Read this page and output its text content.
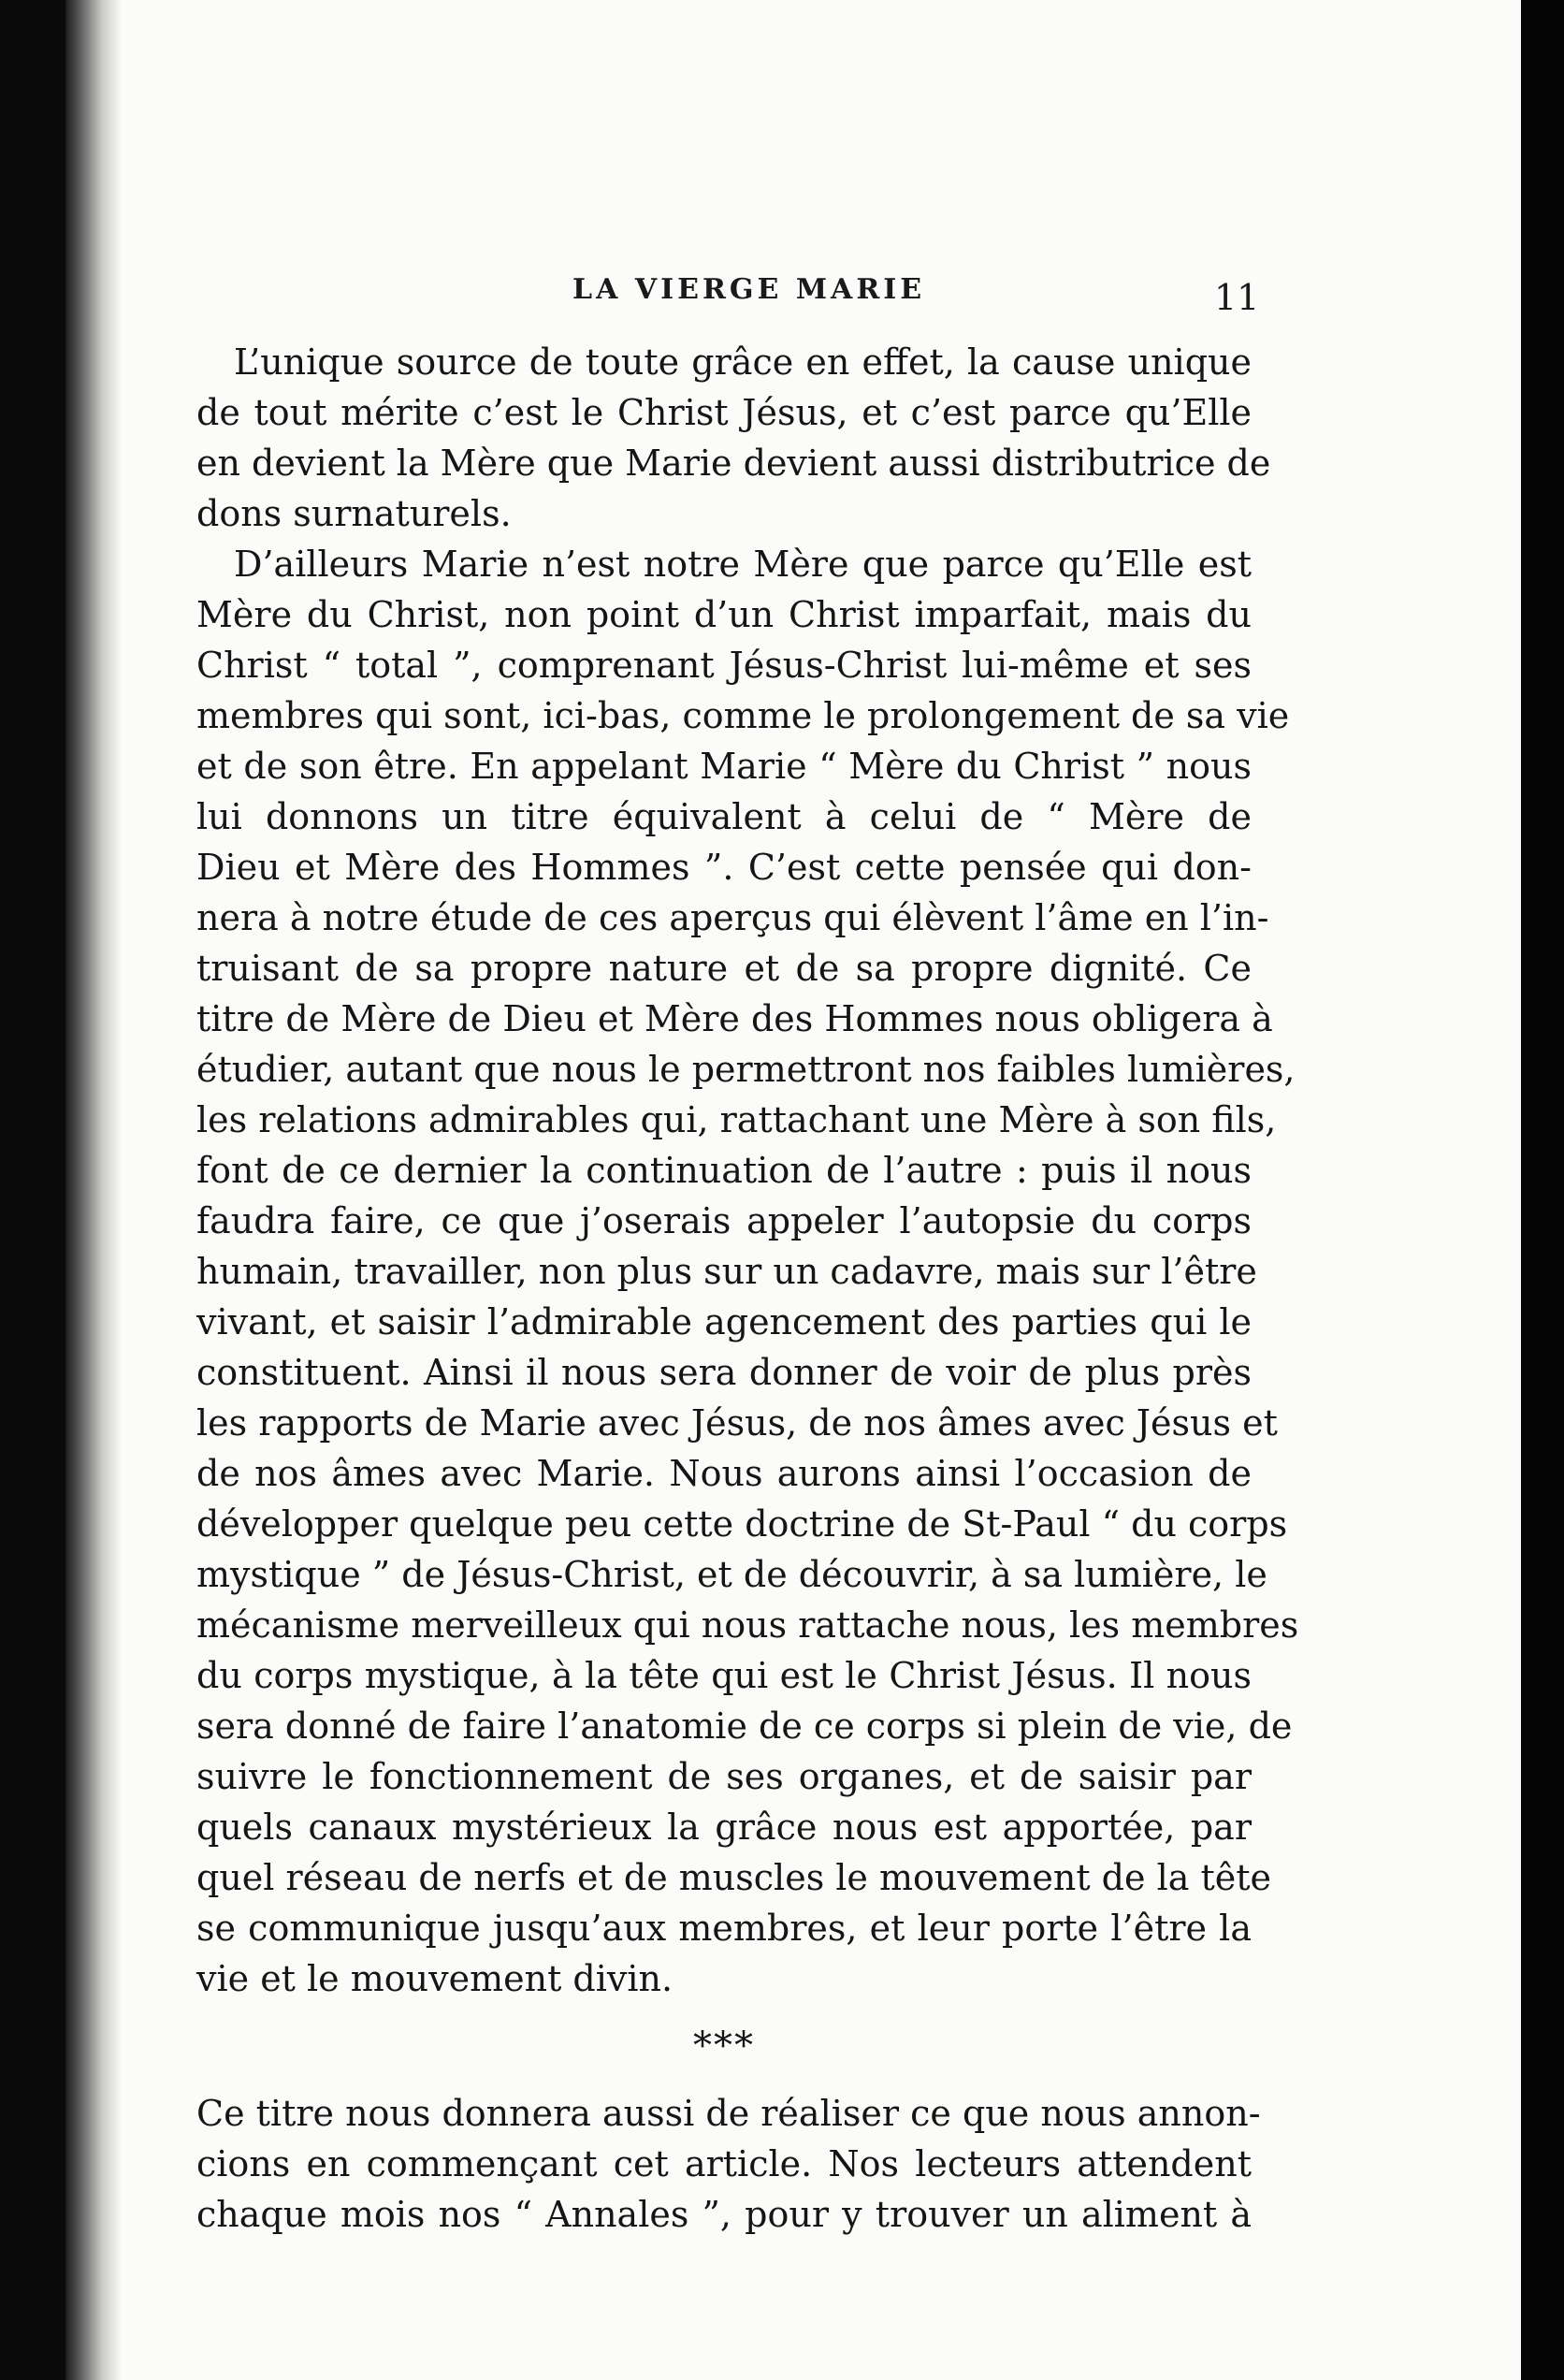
LA VIERGE MARIE	11
L’unique source de toute grâce en effet, la cause unique
de tout mérite c’est le Christ Jésus, et c’est parce qu’Elle
en devient la Mère que Marie devient aussi distributrice de
dons surnaturels.
D’ailleurs Marie n’est notre Mère que parce qu’Elle est
Mère du Christ, non point d’un Christ imparfait, mais du
Christ “ total ”, comprenant Jésus-Christ lui-même et ses
membres qui sont, ici-bas, comme le prolongement de sa vie
et de son être. En appelant Marie “ Mère du Christ ” nous
lui donnons un titre équivalent à celui de “ Mère de
Dieu et Mère des Hommes ”. C’est cette pensée qui don-
nera à notre étude de ces aperçus qui élèvent l’âme en l’in-
truisant de sa propre nature et de sa propre dignité. Ce
titre de Mère de Dieu et Mère des Hommes nous obligera à
étudier, autant que nous le permettront nos faibles lumières,
les relations admirables qui, rattachant une Mère à son fils,
font de ce dernier la continuation de l’autre : puis il nous
faudra faire, ce que j’oserais appeler l’autopsie du corps
humain, travailler, non plus sur un cadavre, mais sur l’être
vivant, et saisir l’admirable agencement des parties qui le
constituent. Ainsi il nous sera donner de voir de plus près
les rapports de Marie avec Jésus, de nos âmes avec Jésus et
de nos âmes avec Marie. Nous aurons ainsi l’occasion de
développer quelque peu cette doctrine de St-Paul “ du corps
mystique ” de Jésus-Christ, et de découvrir, à sa lumière, le
mécanisme merveilleux qui nous rattache nous, les membres
du corps mystique, à la tête qui est le Christ Jésus. Il nous
sera donné de faire l’anatomie de ce corps si plein de vie, de
suivre le fonctionnement de ses organes, et de saisir par
quels canaux mystérieux la grâce nous est apportée, par
quel réseau de nerfs et de muscles le mouvement de la tête
se communique jusqu’aux membres, et leur porte l’être la
vie et le mouvement divin.
***
Ce titre nous donnera aussi de réaliser ce que nous annon-
cions en commençant cet article. Nos lecteurs attendent
chaque mois nos “ Annales ”, pour y trouver un aliment à
